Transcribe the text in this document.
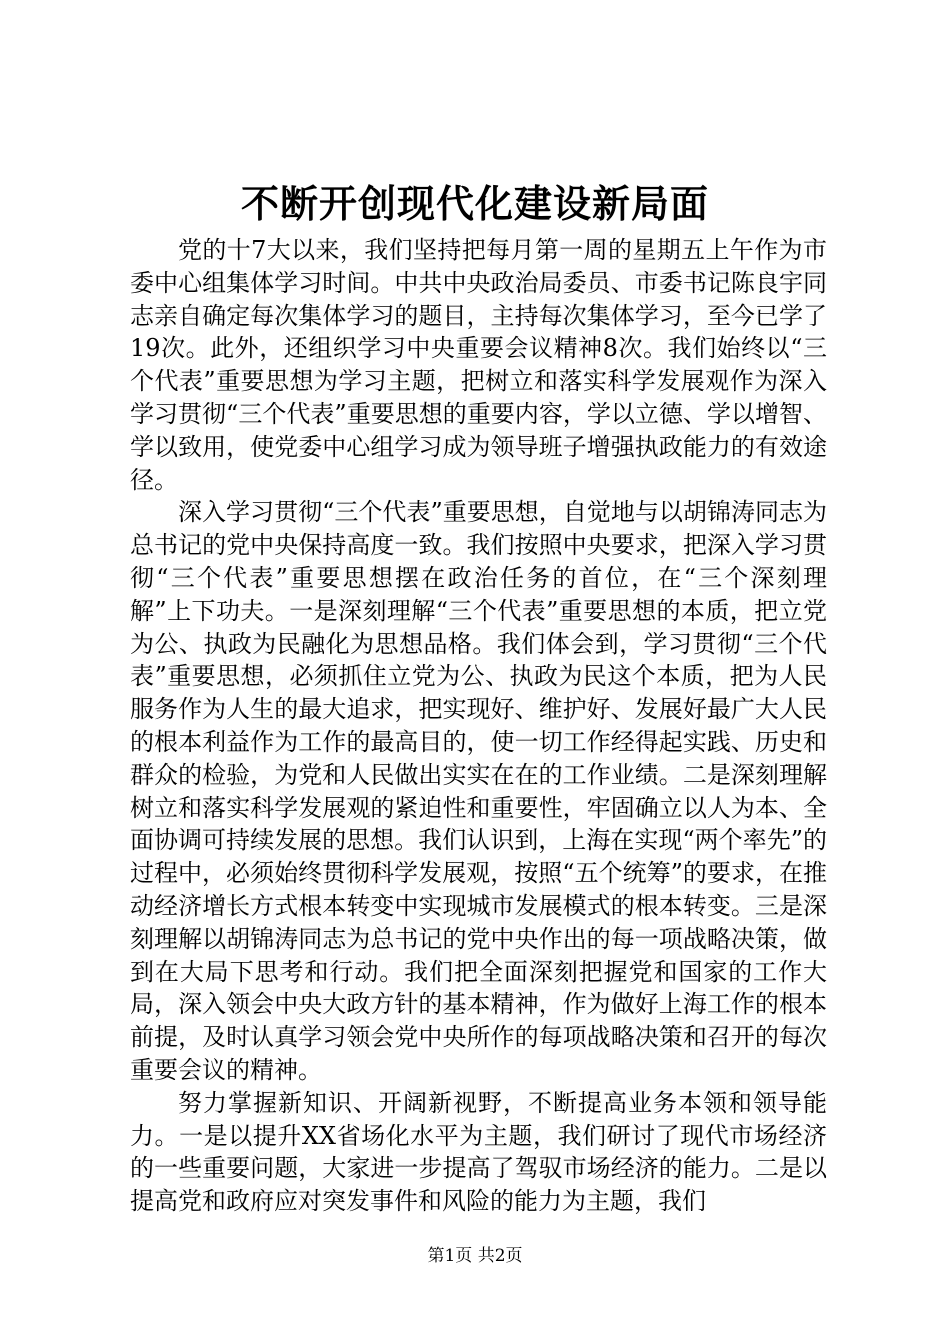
不断开创现代化建设新局面

党的十7大以来，我们坚持把每月第一周的星期五上午作为市委中心组集体学习时间。中共中央政治局委员、市委书记陈良宇同志亲自确定每次集体学习的题目，主持每次集体学习，至今已学了19次。此外，还组织学习中央重要会议精神8次。我们始终以“三个代表”重要思想为学习主题，把树立和落实科学发展观作为深入学习贯彻“三个代表”重要思想的重要内容，学以立德、学以增智、学以致用，使党委中心组学习成为领导班子增强执政能力的有效途径。

深入学习贯彻“三个代表”重要思想，自觉地与以胡锦涛同志为总书记的党中央保持高度一致。我们按照中央要求，把深入学习贯彻“三个代表”重要思想摆在政治任务的首位，在“三个深刻理解”上下功夫。一是深刻理解“三个代表”重要思想的本质，把立党为公、执政为民融化为思想品格。我们体会到，学习贯彻“三个代表”重要思想，必须抓住立党为公、执政为民这个本质，把为人民服务作为人生的最大追求，把实现好、维护好、发展好最广大人民的根本利益作为工作的最高目的，使一切工作经得起实践、历史和群众的检验，为党和人民做出实实在在的工作业绩。二是深刻理解树立和落实科学发展观的紧迫性和重要性，牢固确立以人为本、全面协调可持续发展的思想。我们认识到，上海在实现“两个率先”的过程中，必须始终贯彻科学发展观，按照“五个统筹”的要求，在推动经济增长方式根本转变中实现城市发展模式的根本转变。三是深刻理解以胡锦涛同志为总书记的党中央作出的每一项战略决策，做到在大局下思考和行动。我们把全面深刻把握党和国家的工作大局，深入领会中央大政方针的基本精神，作为做好上海工作的根本前提，及时认真学习领会党中央所作的每项战略决策和召开的每次重要会议的精神。

努力掌握新知识、开阔新视野，不断提高业务本领和领导能力。一是以提升XX省场化水平为主题，我们研讨了现代市场经济的一些重要问题，大家进一步提高了驾驭市场经济的能力。二是以提高党和政府应对突发事件和风险的能力为主题，我们

第1页 共2页
